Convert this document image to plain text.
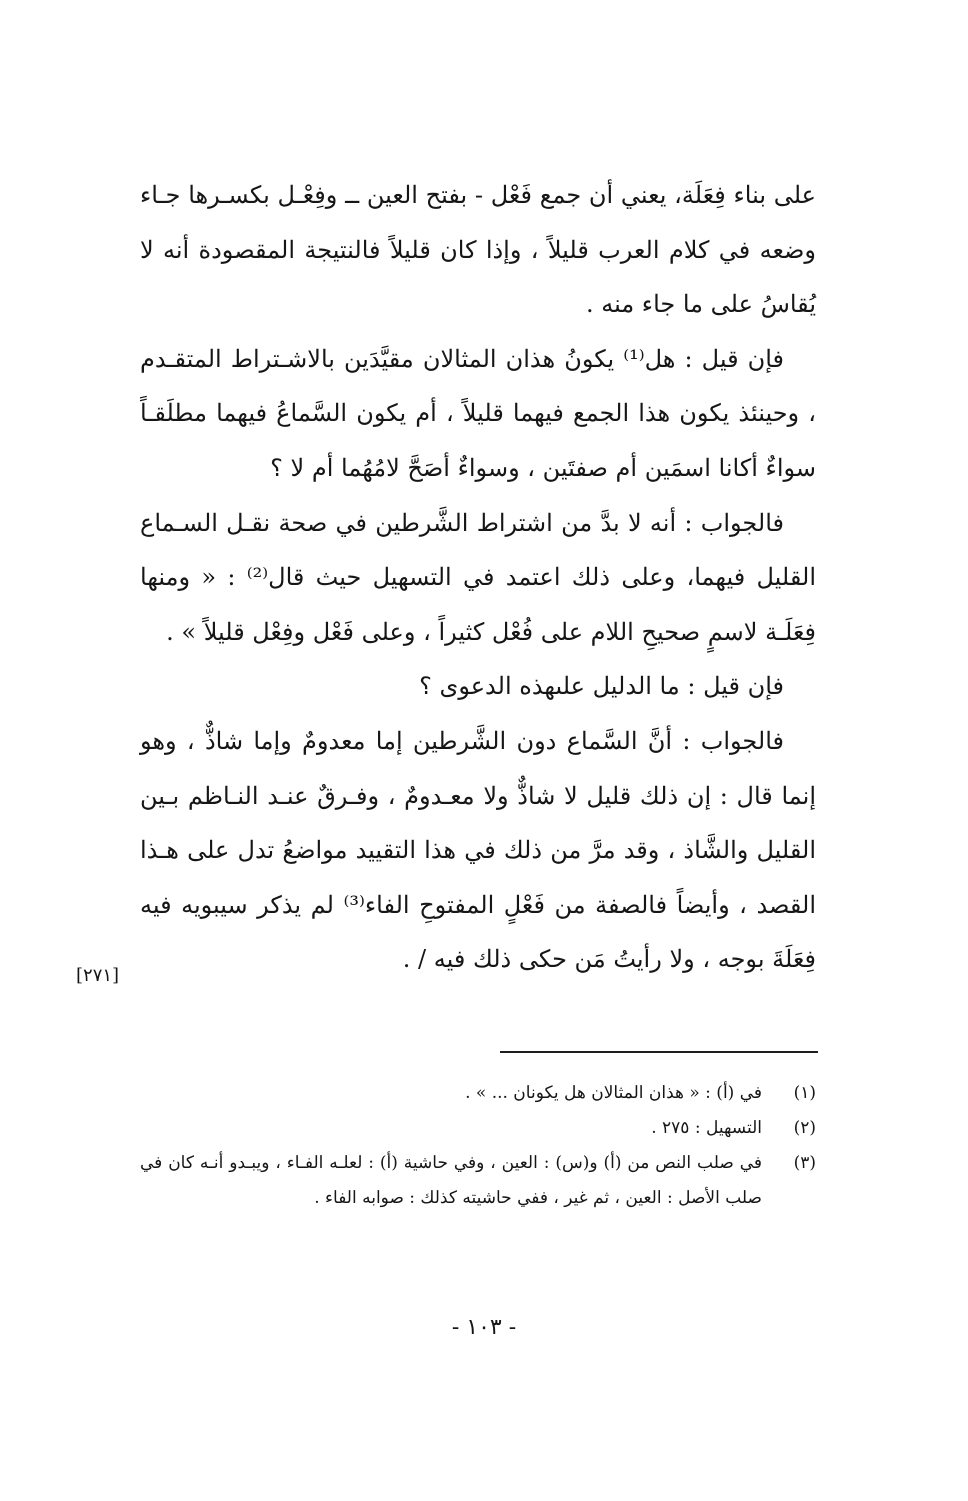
على بناء فِعَلَة، يعني أن جمع فَعْل - بفتح العين ــ وفِعْـل بكسـرها جـاء وضعه في كلام العرب قليلاً ، وإذا كان قليلاً فالنتيجة المقصودة أنه لا يُقاسُ على ما جاء منه .

فإن قيل : هل⁽¹⁾ يكونُ هذان المثالان مقيَّدَين بالاشـتراط المتقـدم ، وحينئذ يكون هذا الجمع فيهما قليلاً ، أم يكون السَّماعُ فيهما مطلَقـاً سواءٌ أكانا اسمَين أم صفتَين ، وسواءٌ أصَحَّ لامُهُما أم لا ؟

فالجواب : أنه لا بدَّ من اشتراط الشَّرطين في صحة نقـل السـماع القليل فيهما، وعلى ذلك اعتمد في التسهيل حيث قال⁽²⁾ : « ومنها فِعَلَـة لاسمٍ صحيحِ اللام على فُعْل كثيراً ، وعلى فَعْل وفِعْل قليلاً » .

فإن قيل : ما الدليل علىهذه الدعوى ؟

فالجواب : أنَّ السَّماع دون الشَّرطين إما معدومٌ وإما شاذٌّ ، وهو إنما قال : إن ذلك قليل لا شاذٌّ ولا معـدومٌ ، وفـرقٌ عنـد النـاظم بـين القليل والشَّاذ ، وقد مرَّ من ذلك في هذا التقييد مواضعُ تدل على هـذا القصد ، وأيضاً فالصفة من فَعْلٍ المفتوحِ الفاء⁽³⁾ لم يذكر سيبويه فيه فِعَلَةَ بوجه ، ولا رأيتُ مَن حكى ذلك فيه / .

[٢٧١]
(١)
في (أ) : « هذان المثالان هل يكونان ... » .
(٢)
التسهيل : ٢٧٥ .
(٣)
في صلب النص من (أ) و(س) : العين ، وفي حاشية (أ) : لعلـه الفـاء ، ويبـدو أنـه كان في صلب الأصل : العين ، ثم غير ، ففي حاشيته كذلك : صوابه الفاء .
- ١٠٣ -
